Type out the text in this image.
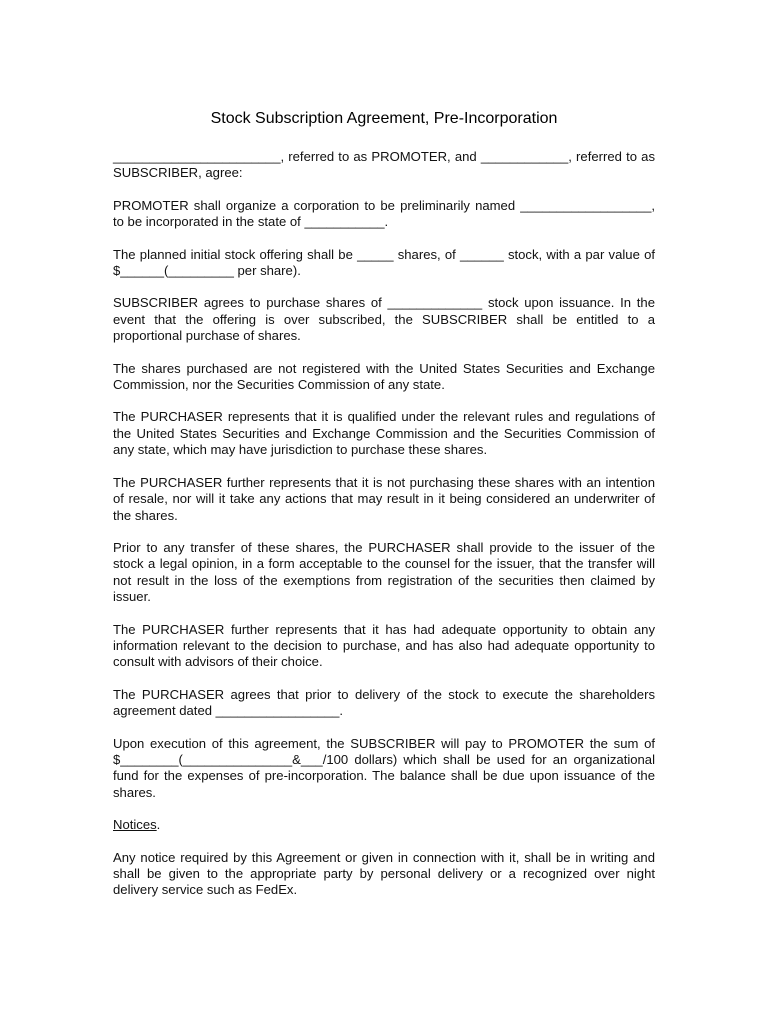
Stock Subscription Agreement, Pre-Incorporation

_______________________, referred to as PROMOTER, and ____________, referred to as SUBSCRIBER, agree:

PROMOTER shall organize a corporation to be preliminarily named __________________, to be incorporated in the state of ___________.

The planned initial stock offering shall be _____ shares, of ______ stock, with a par value of $______(_________ per share).

SUBSCRIBER agrees to purchase shares of _____________ stock upon issuance. In the event that the offering is over subscribed, the SUBSCRIBER shall be entitled to a proportional purchase of shares.

The shares purchased are not registered with the United States Securities and Exchange Commission, nor the Securities Commission of any state.

The PURCHASER represents that it is qualified under the relevant rules and regulations of the United States Securities and Exchange Commission and the Securities Commission of any state, which may have jurisdiction to purchase these shares.

The PURCHASER further represents that it is not purchasing these shares with an intention of resale, nor will it take any actions that may result in it being considered an underwriter of the shares.

Prior to any transfer of these shares, the PURCHASER shall provide to the issuer of the stock a legal opinion, in a form acceptable to the counsel for the issuer, that the transfer will not result in the loss of the exemptions from registration of the securities then claimed by issuer.

The PURCHASER further represents that it has had adequate opportunity to obtain any information relevant to the decision to purchase, and has also had adequate opportunity to consult with advisors of their choice.

The PURCHASER agrees that prior to delivery of the stock to execute the shareholders agreement dated _________________.

Upon execution of this agreement, the SUBSCRIBER will pay to PROMOTER the sum of $________(_______________&___/100 dollars) which shall be used for an organizational fund for the expenses of pre-incorporation. The balance shall be due upon issuance of the shares.

Notices.

Any notice required by this Agreement or given in connection with it, shall be in writing and shall be given to the appropriate party by personal delivery or a recognized over night delivery service such as FedEx.
